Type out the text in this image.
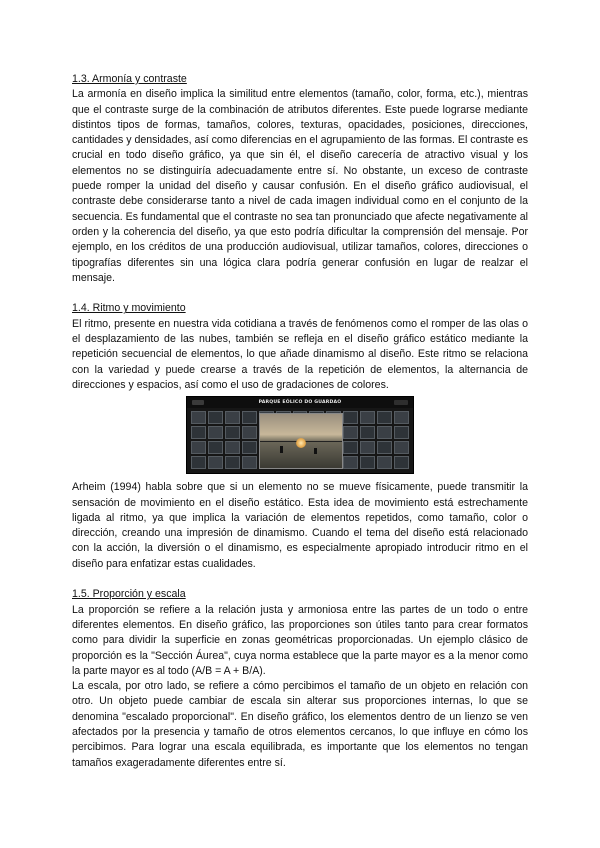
1.3. Armonía y contraste

La armonía en diseño implica la similitud entre elementos (tamaño, color, forma, etc.), mientras que el contraste surge de la combinación de atributos diferentes. Este puede lograrse mediante distintos tipos de formas, tamaños, colores, texturas, opacidades, posiciones, direcciones, cantidades y densidades, así como diferencias en el agrupamiento de las formas. El contraste es crucial en todo diseño gráfico, ya que sin él, el diseño carecería de atractivo visual y los elementos no se distinguiría adecuadamente entre sí. No obstante, un exceso de contraste puede romper la unidad del diseño y causar confusión. En el diseño gráfico audiovisual, el contraste debe considerarse tanto a nivel de cada imagen individual como en el conjunto de la secuencia. Es fundamental que el contraste no sea tan pronunciado que afecte negativamente al orden y la coherencia del diseño, ya que esto podría dificultar la comprensión del mensaje. Por ejemplo, en los créditos de una producción audiovisual, utilizar tamaños, colores, direcciones o tipografías diferentes sin una lógica clara podría generar confusión en lugar de realzar el mensaje.

1.4. Ritmo y movimiento

El ritmo, presente en nuestra vida cotidiana a través de fenómenos como el romper de las olas o el desplazamiento de las nubes, también se refleja en el diseño gráfico estático mediante la repetición secuencial de elementos, lo que añade dinamismo al diseño. Este ritmo se relaciona con la variedad y puede crearse a través de la repetición de elementos, la alternancia de direcciones y espacios, así como el uso de gradaciones de colores.

PARQUE EÓLICO DO GUARDAO

Arheim (1994) habla sobre que si un elemento no se mueve físicamente, puede transmitir la sensación de movimiento en el diseño estático. Esta idea de movimiento está estrechamente ligada al ritmo, ya que implica la variación de elementos repetidos, como tamaño, color o dirección, creando una impresión de dinamismo. Cuando el tema del diseño está relacionado con la acción, la diversión o el dinamismo, es especialmente apropiado introducir ritmo en el diseño para enfatizar estas cualidades.

1.5. Proporción y escala

La proporción se refiere a la relación justa y armoniosa entre las partes de un todo o entre diferentes elementos. En diseño gráfico, las proporciones son útiles tanto para crear formatos como para dividir la superficie en zonas geométricas proporcionadas. Un ejemplo clásico de proporción es la "Sección Áurea", cuya norma establece que la parte mayor es a la menor como la parte mayor es al todo (A/B = A + B/A).

La escala, por otro lado, se refiere a cómo percibimos el tamaño de un objeto en relación con otro. Un objeto puede cambiar de escala sin alterar sus proporciones internas, lo que se denomina "escalado proporcional". En diseño gráfico, los elementos dentro de un lienzo se ven afectados por la presencia y tamaño de otros elementos cercanos, lo que influye en cómo los percibimos. Para lograr una escala equilibrada, es importante que los elementos no tengan tamaños exageradamente diferentes entre sí.
